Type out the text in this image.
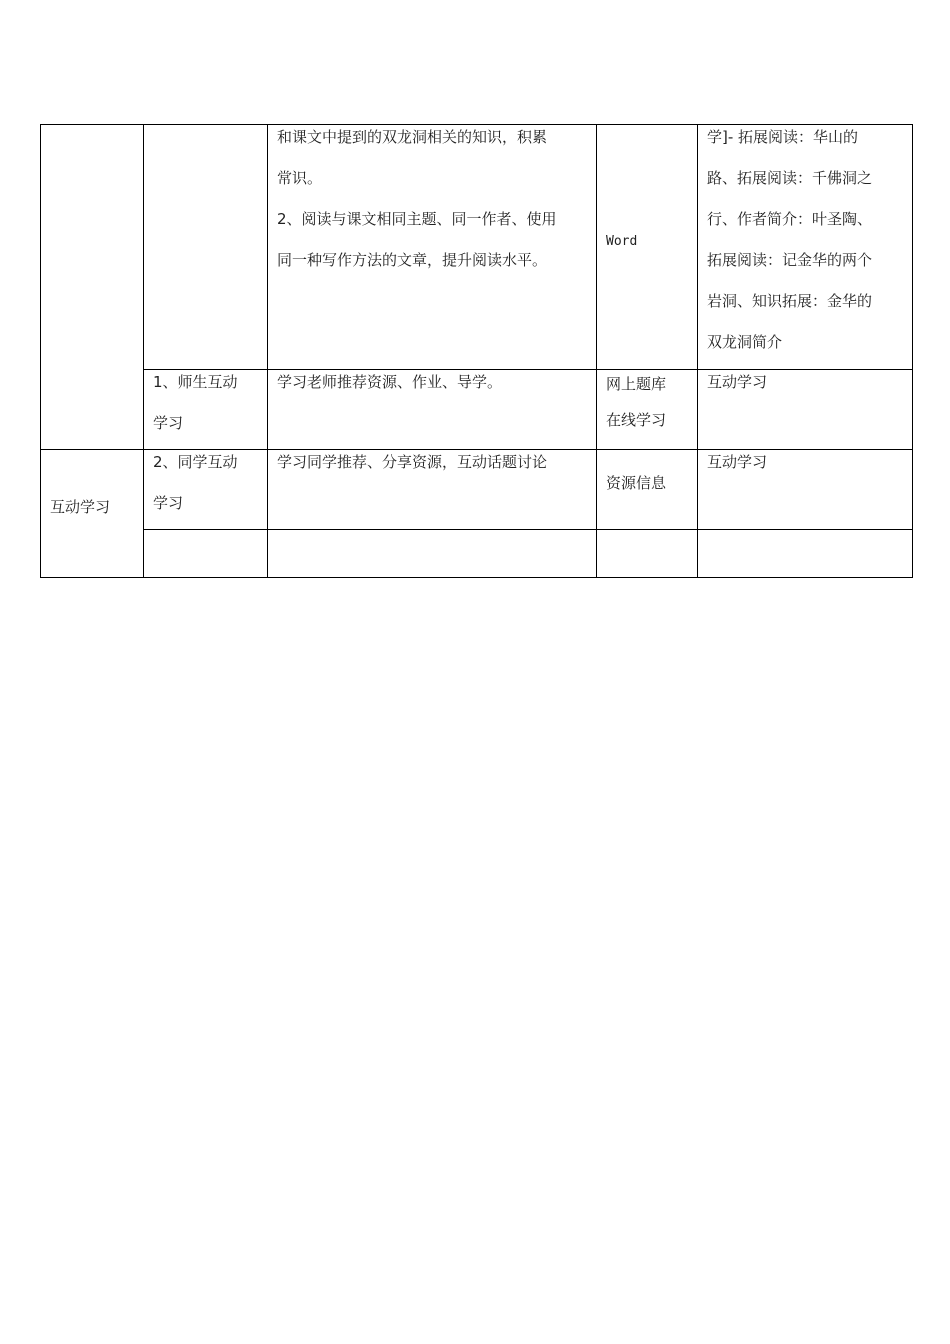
和课文中提到的双龙洞相关的知识，积累
常识。
2、阅读与课文相同主题、同一作者、使用
同一种写作方法的文章，提升阅读水平。
Word
学]- 拓展阅读：华山的
路、拓展阅读：千佛洞之
行、作者简介：叶圣陶、
拓展阅读：记金华的两个
岩洞、知识拓展：金华的
双龙洞简介
1、师生互动
学习
学习老师推荐资源、作业、导学。	网上题库
在线学习
互动学习
互动学习
2、同学互动
学习
学习同学推荐、分享资源，互动话题讨论
资源信息
互动学习
